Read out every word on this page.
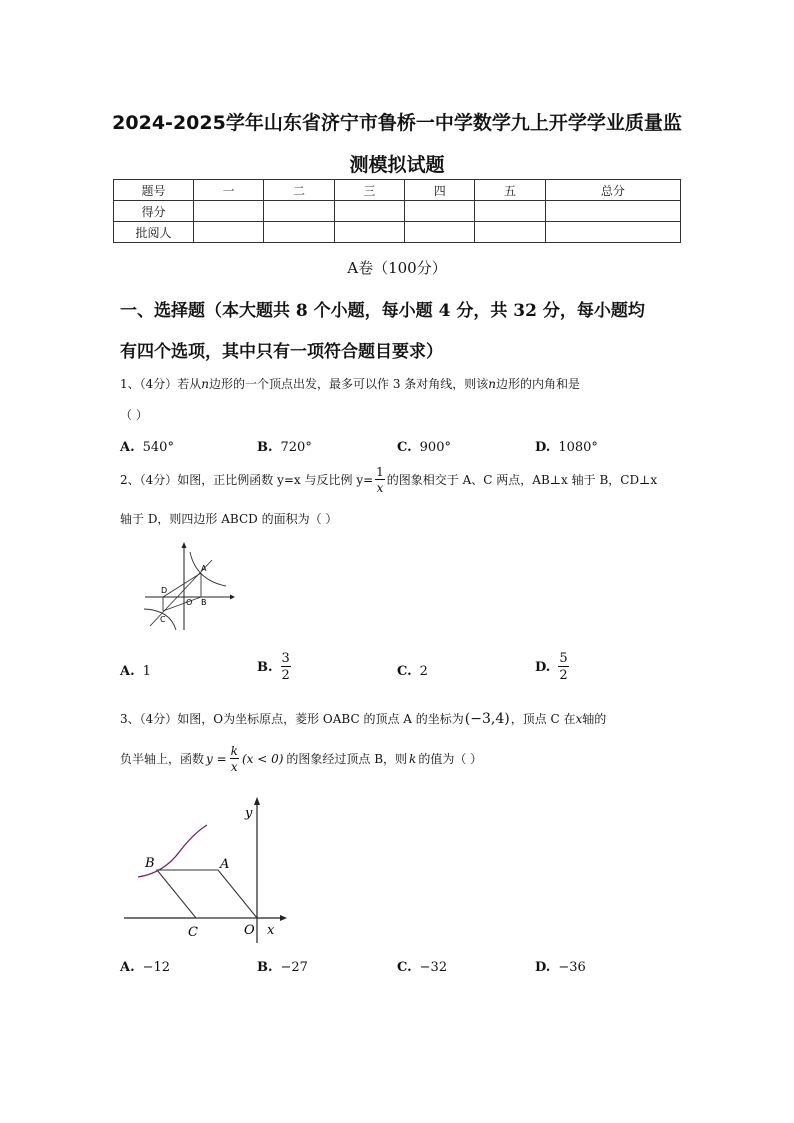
2024-2025学年山东省济宁市鲁桥一中学数学九上开学学业质量监
测模拟试题
题号	一	二	三	四	五	总分
得分						
批阅人						
A卷（100分）
一、选择题（本大题共 8 个小题，每小题 4 分，共 32 分，每小题均
有四个选项，其中只有一项符合题目要求）
1、（4分）若从n边形的一个顶点出发，最多可以作 3 条对角线，则该n边形的内角和是
（ ）
A. 540°	B. 720°	C. 900°	D. 1080°
2、（4分）如图，正比例函数 y=x 与反比例 $y= \frac{1}{x}$ 的图象相交于 A、C 两点，AB⊥x 轴于 B，CD⊥x
轴于 D，则四边形 ABCD 的面积为（ ）
A
B
C
D
O
A. 1	B. $\frac{3}{2}$	C. 2	D. $\frac{5}{2}$
3、（4分）如图，O为坐标原点，菱形 OABC 的顶点 A 的坐标为 (−3,4) ，顶点 C 在 x 轴的
负半轴上，函数 $y = \frac{k}{x} (x < 0)$ 的图象经过顶点 B，则 k 的值为（ ）
y
x
A
B
C	O
A. −12	B. −27	C. −32	D. −36
